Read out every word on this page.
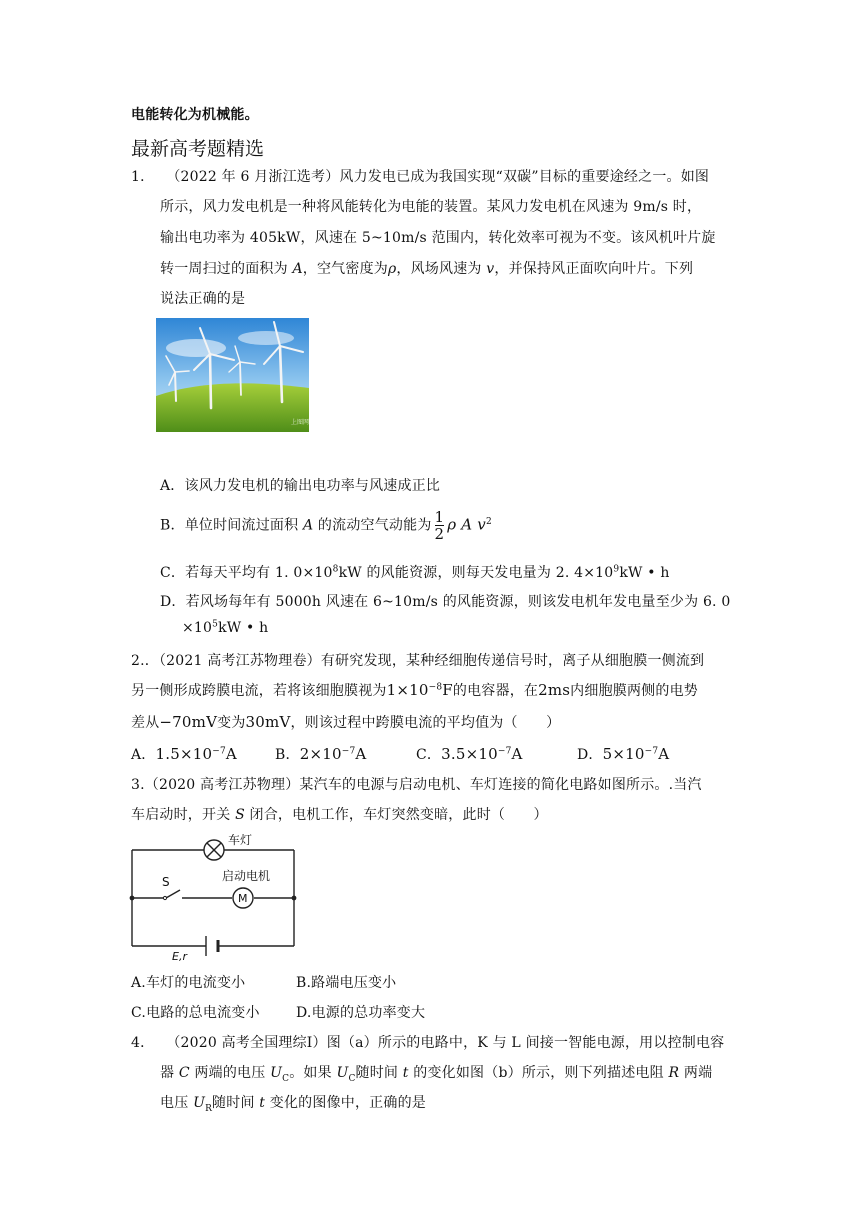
电能转化为机械能。
最新高考题精选
1． （2022 年 6 月浙江选考）风力发电已成为我国实现“双碳”目标的重要途经之一。如图
所示，风力发电机是一种将风能转化为电能的装置。某风力发电机在风速为 9m/s 时，
输出电功率为 405kW，风速在 5~10m/s 范围内，转化效率可视为不变。该风机叶片旋
转一周扫过的面积为 A，空气密度为ρ，风场风速为 v，并保持风正面吹向叶片。下列
说法正确的是
上图网
A．该风力发电机的输出电功率与风速成正比
B．单位时间流过面积 A 的流动空气动能为 $\frac{1}{2}$ ρ A $v^2$
C．若每天平均有 1. $0\times 10^8kW$ 的风能资源，则每天发电量为 2. $4\times 10^9kW$ • h
D．若风场每年有 5000h 风速在 6~10m/s 的风能资源，则该发电机年发电量至少为 6. 0
$\times 10^5kW$ • h
2.．（2021 高考江苏物理卷）有研究发现，某种经细胞传递信号时，离子从细胞膜一侧流到
另一侧形成跨膜电流，若将该细胞膜视为$1\times 10^{-8}F$的电容器，在2ms内细胞膜两侧的电势
差从−70mV变为30mV，则该过程中跨膜电流的平均值为（　　）
A．$1.5\times 10^{-7}A$	B．$2\times 10^{-7}A$	C．$3.5\times 10^{-7}A$	D．$5\times 10^{-7}A$
3.（2020 高考江苏物理）某汽车的电源与启动电机、车灯连接的简化电路如图所示。.当汽
车启动时，开关 S 闭合，电机工作，车灯突然变暗，此时（　　）
车灯
S	启动电机
M
E,r
A.车灯的电流变小	B.路端电压变小
C.电路的总电流变小	D.电源的总功率变大
4． （2020 高考全国理综Ⅰ）图（a）所示的电路中，K 与 L 间接一智能电源，用以控制电容
器 C 两端的电压 $U_C$。如果 $U_C$随时间 t 的变化如图（b）所示，则下列描述电阻 R 两端
电压 $U_R$随时间 t 变化的图像中，正确的是
